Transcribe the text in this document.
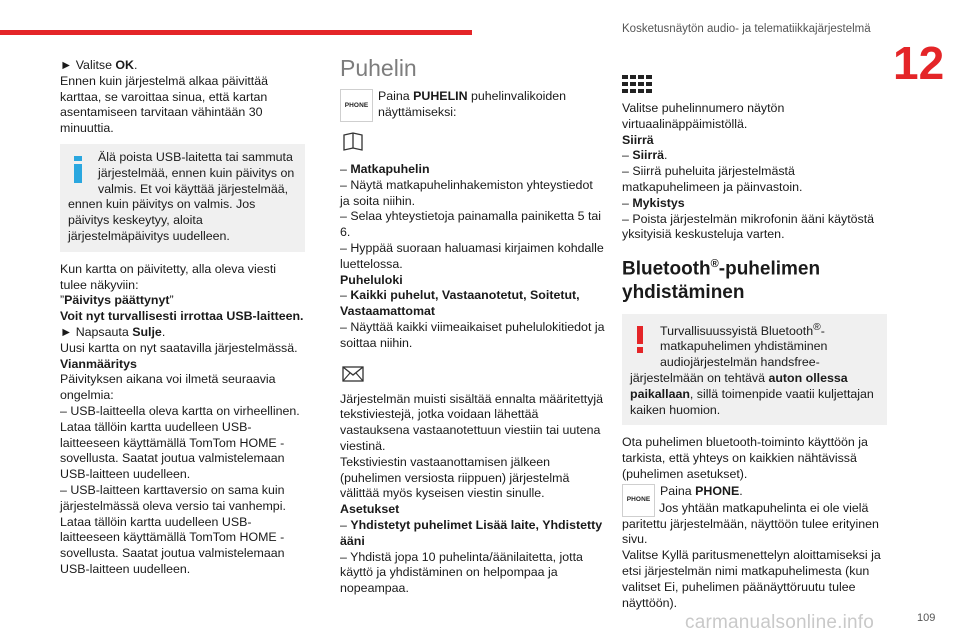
Kosketusnäytön audio- ja telematiikkajärjestelmä
12

► Valitse OK.

Ennen kuin järjestelmä alkaa päivittää karttaa, se varoittaa sinua, että kartan asentamiseen tarvitaan vähintään 30 minuuttia.

Älä poista USB-laitetta tai sammuta järjestelmää, ennen kuin päivitys on valmis. Et voi käyttää järjestelmää, ennen kuin päivitys on valmis. Jos päivitys keskeytyy, aloita järjestelmäpäivitys uudelleen.

Kun kartta on päivitetty, alla oleva viesti tulee näkyviin:

”Päivitys päättynyt”

Voit nyt turvallisesti irrottaa USB-laitteen.

► Napsauta Sulje.

Uusi kartta on nyt saatavilla järjestelmässä.

Vianmääritys

Päivityksen aikana voi ilmetä seuraavia ongelmia:

– USB-laitteella oleva kartta on virheellinen. Lataa tällöin kartta uudelleen USB-laitteeseen käyttämällä TomTom HOME -sovellusta. Saatat joutua valmistelemaan USB-laitteen uudelleen.

– USB-laitteen karttaversio on sama kuin järjestelmässä oleva versio tai vanhempi. Lataa tällöin kartta uudelleen USB-laitteeseen käyttämällä TomTom HOME -sovellusta. Saatat joutua valmistelemaan USB-laitteen uudelleen.

Puhelin
PHONE

Paina PUHELIN puhelinvalikoiden näyttämiseksi:

– Matkapuhelin

– Näytä matkapuhelinhakemiston yhteystiedot ja soita niihin.

– Selaa yhteystietoja painamalla painiketta 5 tai 6.

– Hyppää suoraan haluamasi kirjaimen kohdalle luettelossa.

Puheluloki

– Kaikki puhelut, Vastaanotetut, Soitetut, Vastaamattomat

– Näyttää kaikki viimeaikaiset puhelulokitiedot ja soittaa niihin.

Järjestelmän muisti sisältää ennalta määritettyjä tekstiviestejä, jotka voidaan lähettää vastauksena vastaanotettuun viestiin tai uutena viestinä.

Tekstiviestin vastaanottamisen jälkeen (puhelimen versiosta riippuen) järjestelmä välittää myös kyseisen viestin sinulle.

Asetukset

– Yhdistetyt puhelimet Lisää laite, Yhdistetty ääni

– Yhdistä jopa 10 puhelinta/äänilaitetta, jotta käyttö ja yhdistäminen on helpompaa ja nopeampaa.

Valitse puhelinnumero näytön virtuaalinäppäimistöllä.

Siirrä

– Siirrä.

– Siirrä puheluita järjestelmästä matkapuhelimeen ja päinvastoin.

– Mykistys

– Poista järjestelmän mikrofonin ääni käytöstä yksityisiä keskusteluja varten.

Bluetooth®-puhelimen yhdistäminen
Turvallisuussyistä Bluetooth®-matkapuhelimen yhdistäminen audiojärjestelmän handsfree-järjestelmään on tehtävä auton ollessa paikallaan, sillä toimenpide vaatii kuljettajan kaiken huomion.

Ota puhelimen bluetooth-toiminto käyttöön ja tarkista, että yhteys on kaikkien nähtävissä (puhelimen asetukset).

PHONE

Paina PHONE.

Jos yhtään matkapuhelinta ei ole vielä paritettu järjestelmään, näyttöön tulee erityinen sivu.

Valitse Kyllä paritusmenettelyn aloittamiseksi ja etsi järjestelmän nimi matkapuhelimesta (kun valitset Ei, puhelimen päänäyttöruutu tulee näyttöön).

carmanualsonline.info	109
